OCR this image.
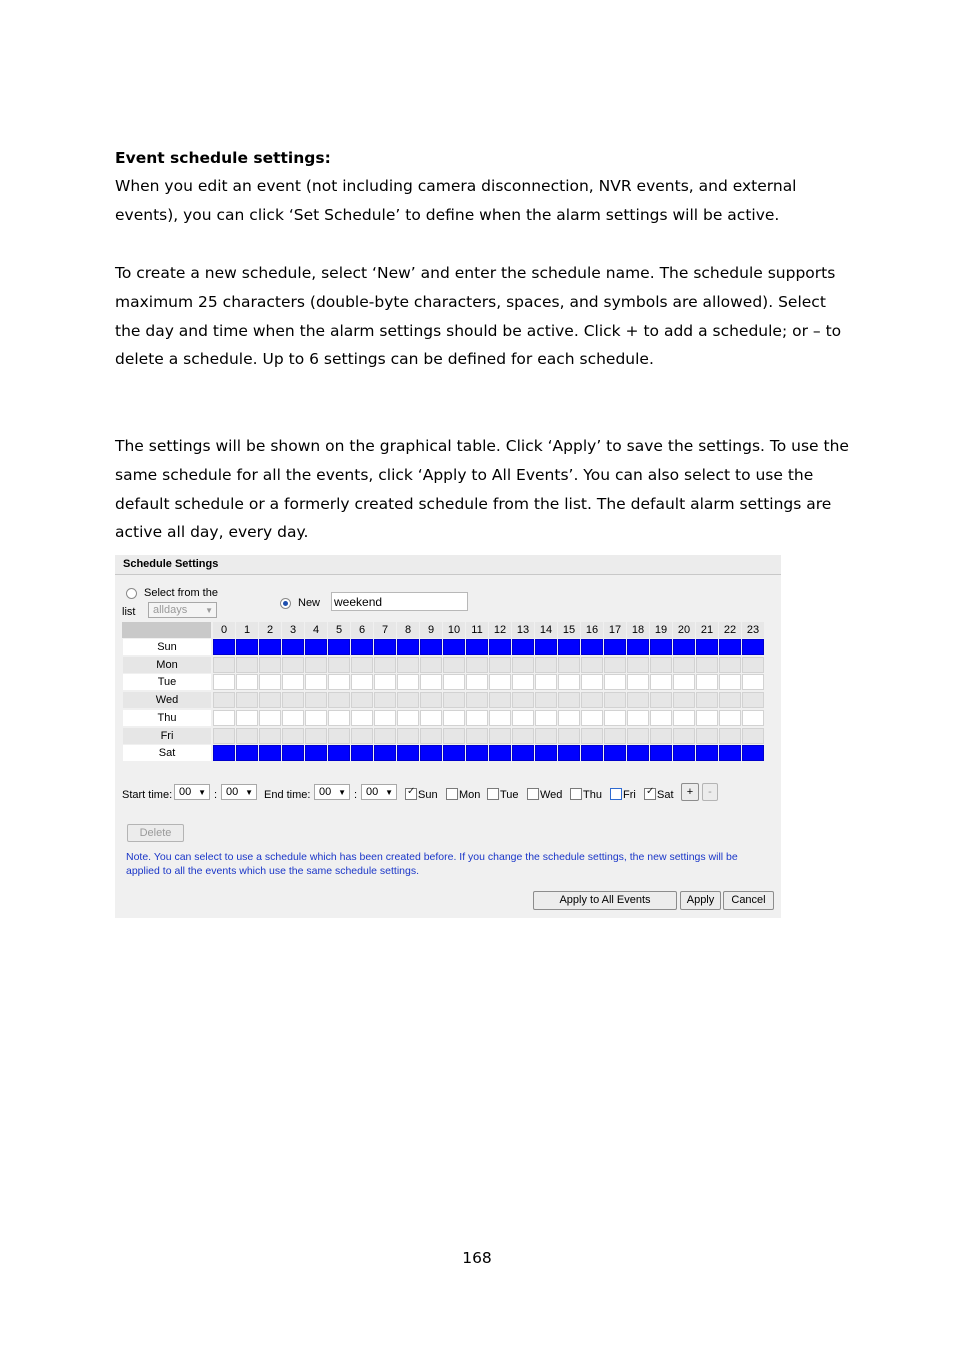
Event schedule settings:

When you edit an event (not including camera disconnection, NVR events, and external events), you can click ‘Set Schedule’ to define when the alarm settings will be active.

To create a new schedule, select ‘New’ and enter the schedule name. The schedule supports maximum 25 characters (double-byte characters, spaces, and symbols are allowed). Select the day and time when the alarm settings should be active. Click + to add a schedule; or – to delete a schedule. Up to 6 settings can be defined for each schedule.

The settings will be shown on the graphical table. Click ‘Apply’ to save the settings. To use the same schedule for all the events, click ‘Apply to All Events’. You can also select to use the default schedule or a formerly created schedule from the list. The default alarm settings are active all day, every day.

Schedule Settings
Select from the
list alldays ▼
New weekend
0	1	2	3	4	5	6	7	8	9	10	11	12 13 14 15 16 17 18 19 20 21 22 23
Sun
Mon
Tue
Wed
Thu
Fri
Sat
Start time: 00 ▼ : 00 ▼ End time: 00 ▼ : 00 ▼	+	-
Delete
Note. You can select to use a schedule which has been created before. If you change the schedule settings, the new settings will be applied to all the events which use the same schedule settings.
Apply to All Events	Apply	Cancel
✓
Sun Mon Tue Wed Thu Fri
✓ Sat
168
